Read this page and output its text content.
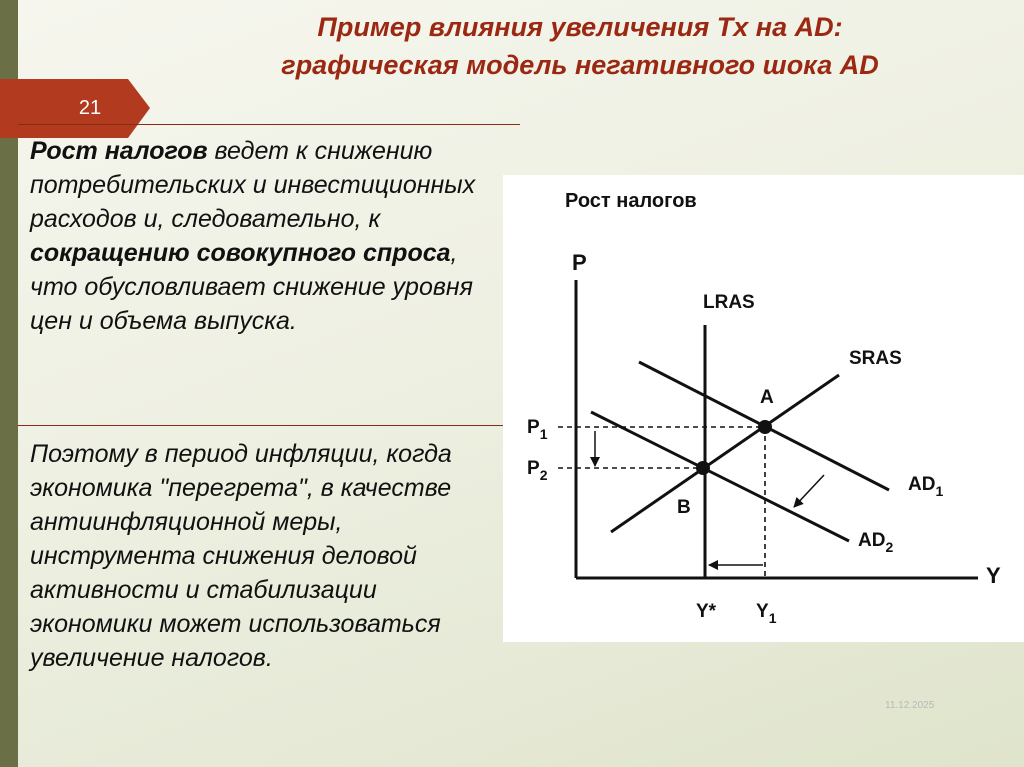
21
Пример влияния увеличения Tx на AD:
графическая модель негативного шока AD
Рост налогов ведет к снижению потребительских и инвестиционных расходов и, следовательно, к сокращению совокупного спроса, что обусловливает снижение уровня цен и объема выпуска.
Поэтому в период инфляции, когда экономика "перегрета", в качестве антиинфляционной меры, инструмента снижения деловой активности и стабилизации экономики может использоваться увеличение налогов.
Рост налогов
P
Y
LRAS
SRAS
$AD_1$
$AD_2$
A
B
$P_1$
$P_2$
Y* $Y_1$
11.12.2025
